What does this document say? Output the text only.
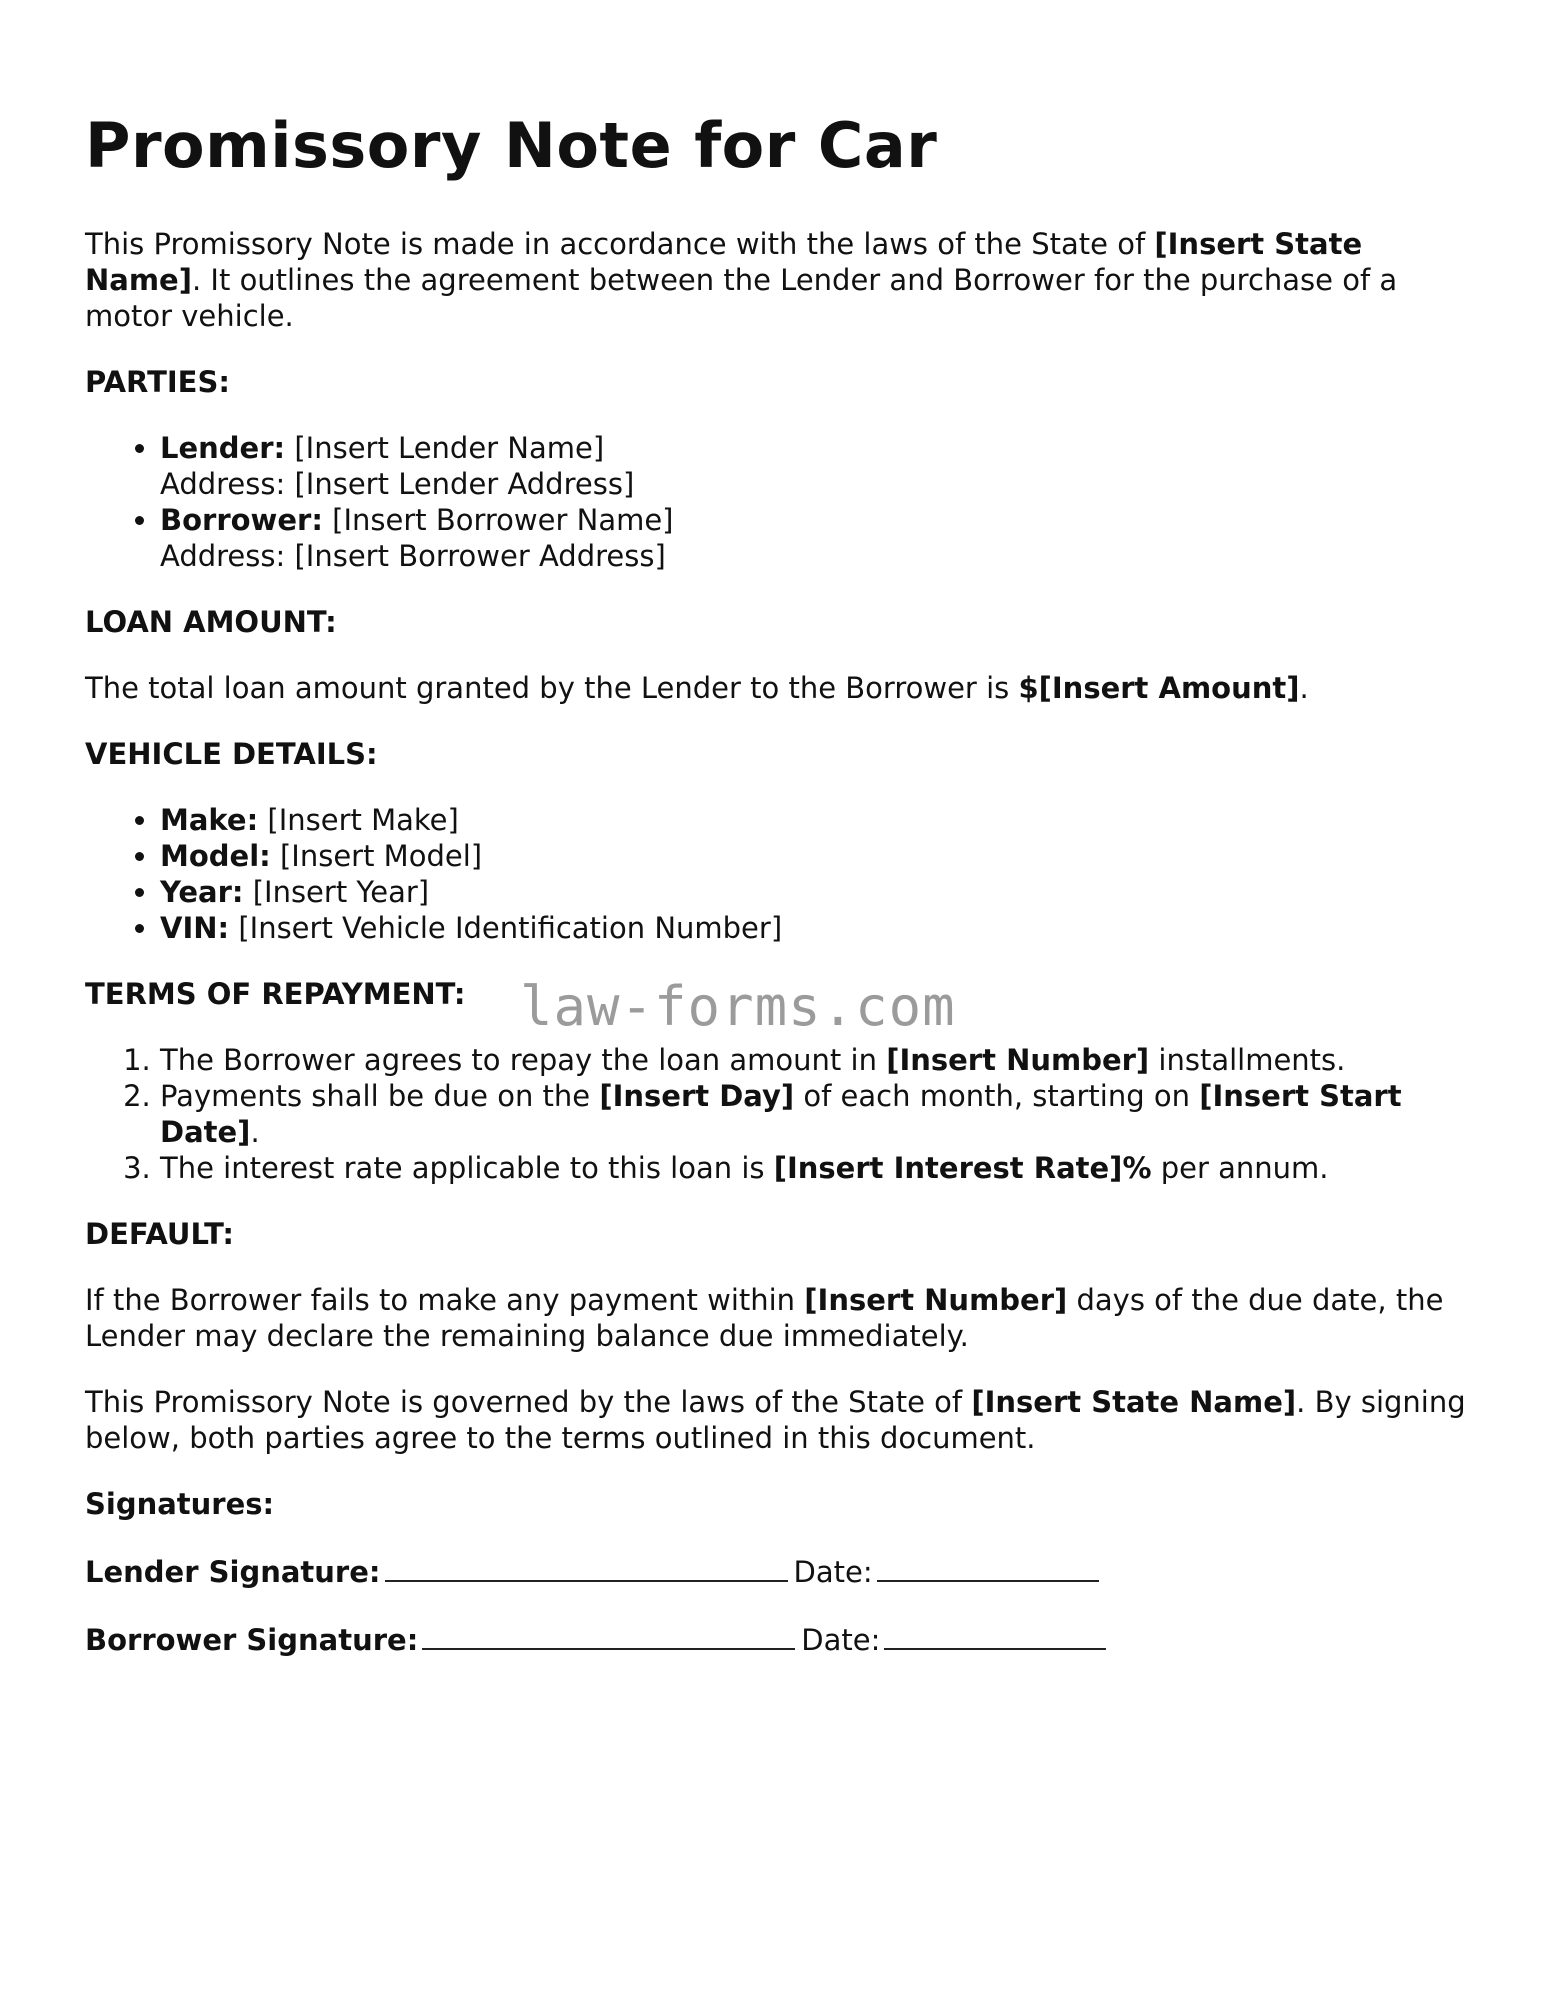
Promissory Note for Car

This Promissory Note is made in accordance with the laws of the State of [Insert State Name]. It outlines the agreement between the Lender and Borrower for the purchase of a motor vehicle.

PARTIES:
• Lender: [Insert Lender Name]
Address: [Insert Lender Address]
• Borrower: [Insert Borrower Name]
Address: [Insert Borrower Address]
LOAN AMOUNT:

The total loan amount granted by the Lender to the Borrower is $[Insert Amount].

VEHICLE DETAILS:
• Make: [Insert Make]
• Model: [Insert Model]
• Year: [Insert Year]
• VIN: [Insert Vehicle Identification Number]
TERMS OF REPAYMENT:
1. The Borrower agrees to repay the loan amount in [Insert Number] installments.
2. Payments shall be due on the [Insert Day] of each month, starting on [Insert Start Date].
3. The interest rate applicable to this loan is [Insert Interest Rate]% per annum.
DEFAULT:

If the Borrower fails to make any payment within [Insert Number] days of the due date, the Lender may declare the remaining balance due immediately.

This Promissory Note is governed by the laws of the State of [Insert State Name]. By signing below, both parties agree to the terms outlined in this document.

Signatures:
Lender Signature:	Date:
Borrower Signature:	Date:
law-forms.com
